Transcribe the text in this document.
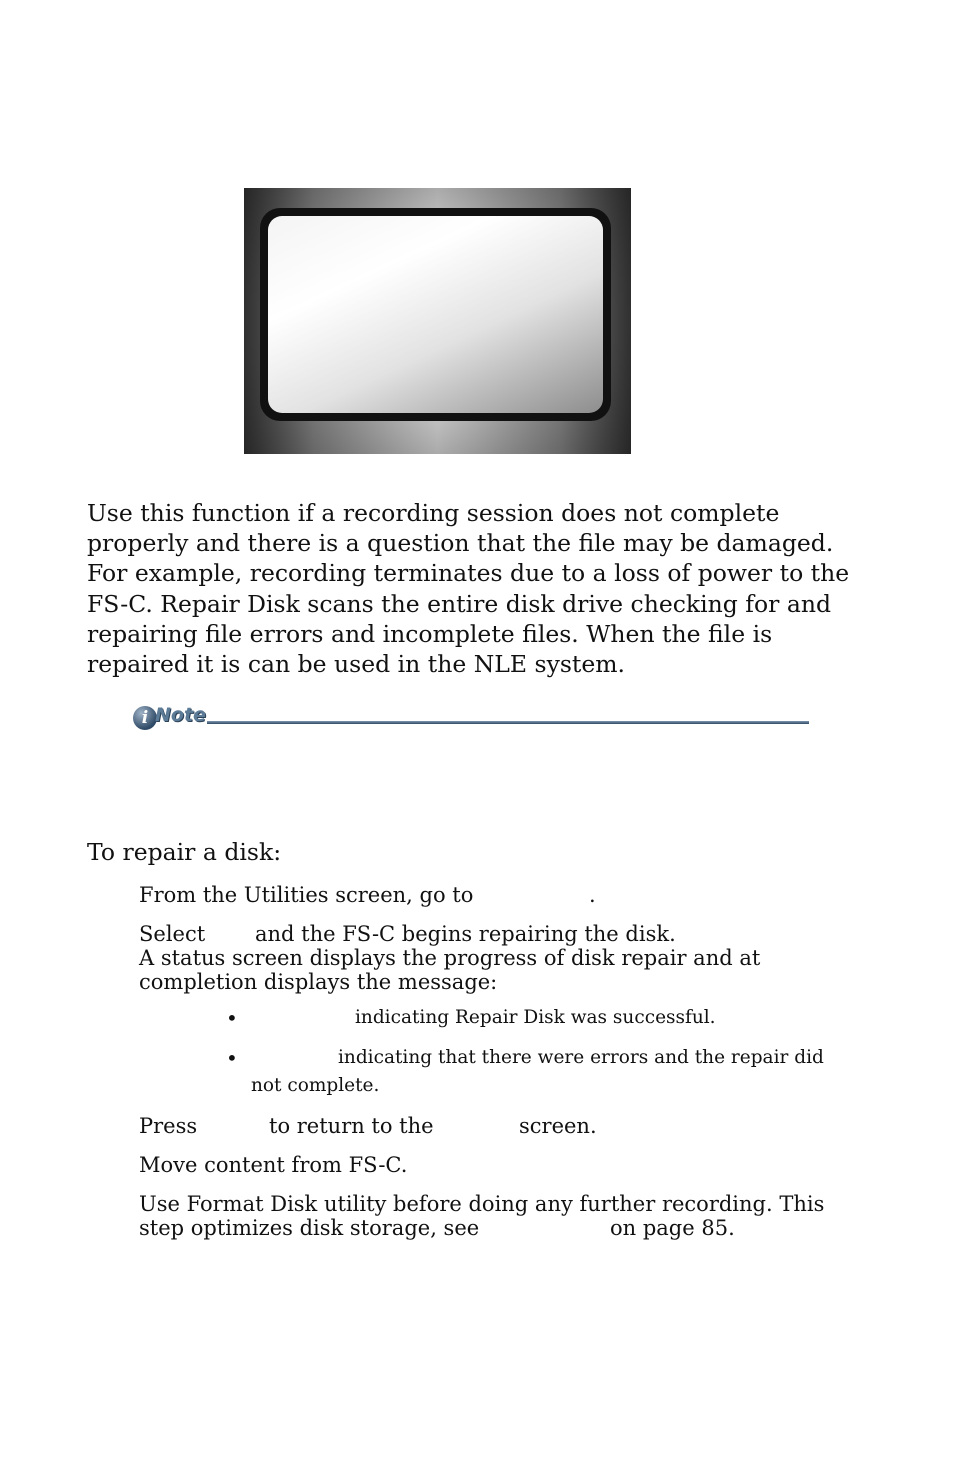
Use this function if a recording session does not complete
properly and there is a question that the file may be damaged.
For example, recording terminates due to a loss of power to the
FS-C. Repair Disk scans the entire disk drive checking for and
repairing file errors and incomplete files. When the file is
repaired it is can be used in the NLE system.
i Note
To repair a disk:
From the Utilities screen, go to	.
Select and the FS-C begins repairing the disk.
A status screen displays the progress of disk repair and at
completion displays the message:
•	indicating Repair Disk was successful.
•	indicating that there were errors and the repair did
not complete.
Press	to return to the	screen.
Move content from FS-C.
Use Format Disk utility before doing any further recording. This
step optimizes disk storage, see	on page 85.
